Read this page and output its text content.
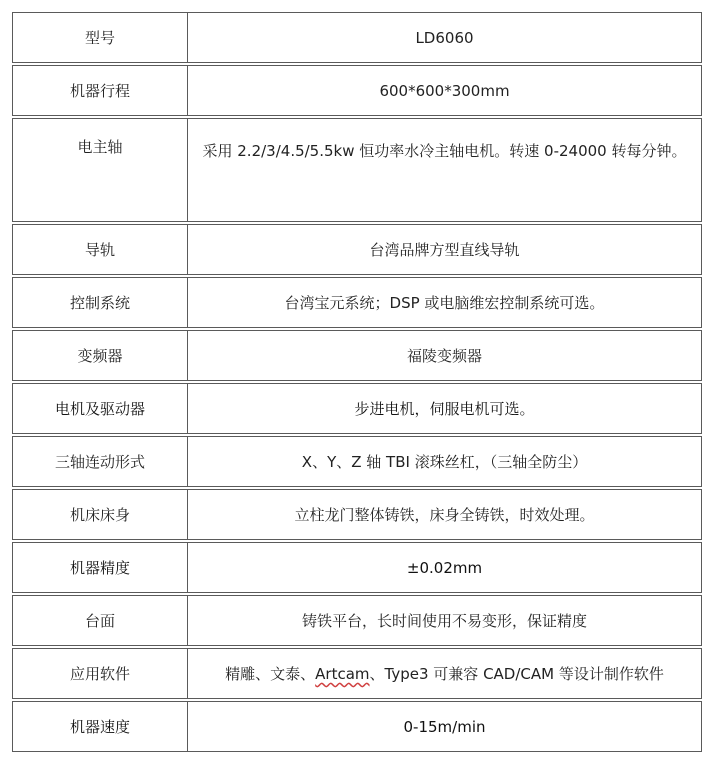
型号	LD6060
机器行程	600*600*300mm
电主轴	采用 2.2/3/4.5/5.5kw 恒功率水冷主轴电机。转速 0-24000 转每分钟。
导轨	台湾品牌方型直线导轨
控制系统	台湾宝元系统；DSP 或电脑维宏控制系统可选。
变频器	福陵变频器
电机及驱动器	步进电机，伺服电机可选。
三轴连动形式	X、Y、Z 轴 TBI 滚珠丝杠，（三轴全防尘）
机床床身	立柱龙门整体铸铁，床身全铸铁，时效处理。
机器精度	±0.02mm
台面	铸铁平台，长时间使用不易变形，保证精度
应用软件	精雕、文泰、Artcam、Type3 可兼容 CAD/CAM 等设计制作软件
机器速度	0-15m/min
